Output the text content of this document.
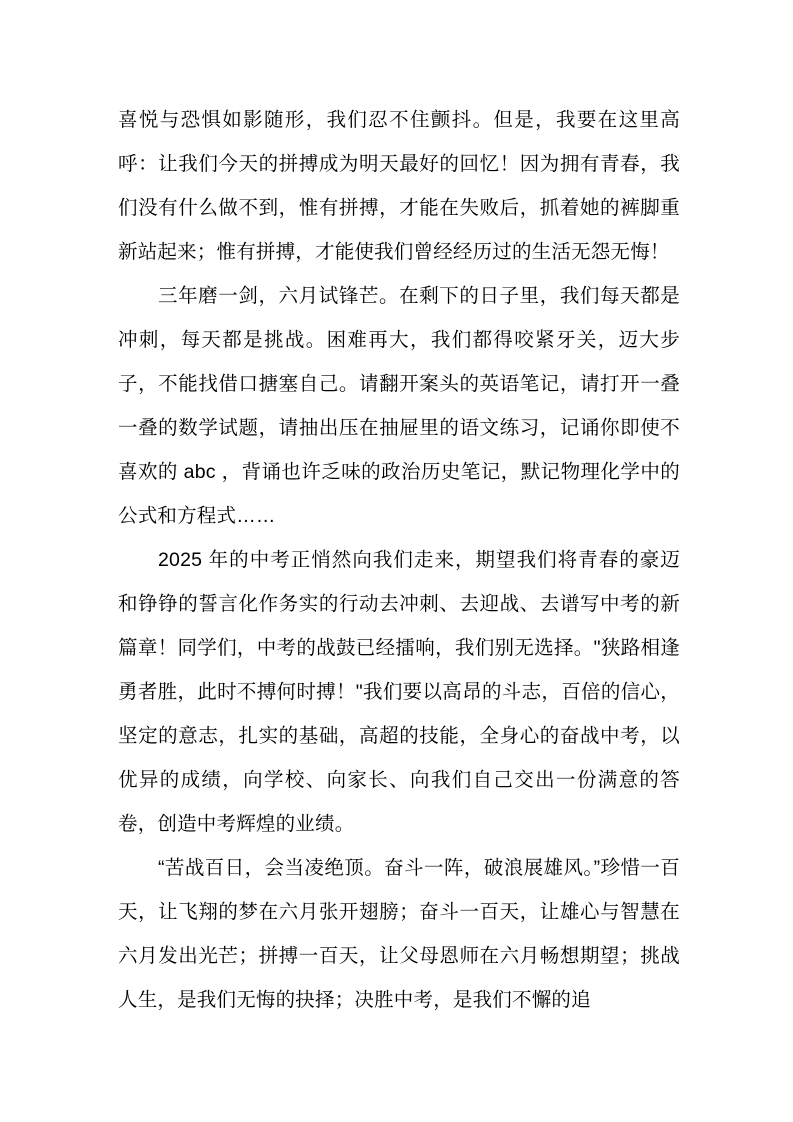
喜悦与恐惧如影随形，我们忍不住颤抖。但是，我要在这里高呼：让我们今天的拼搏成为明天最好的回忆！因为拥有青春，我们没有什么做不到，惟有拼搏，才能在失败后，抓着她的裤脚重新站起来；惟有拼搏，才能使我们曾经经历过的生活无怨无悔！

三年磨一剑，六月试锋芒。在剩下的日子里，我们每天都是冲刺，每天都是挑战。困难再大，我们都得咬紧牙关，迈大步子，不能找借口搪塞自己。请翻开案头的英语笔记，请打开一叠一叠的数学试题，请抽出压在抽屉里的语文练习，记诵你即使不喜欢的 abc ，背诵也许乏味的政治历史笔记，默记物理化学中的公式和方程式……

2025 年的中考正悄然向我们走来，期望我们将青春的豪迈和铮铮的誓言化作务实的行动去冲刺、去迎战、去谱写中考的新篇章！同学们，中考的战鼓已经擂响，我们别无选择。"狭路相逢勇者胜，此时不搏何时搏！"我们要以高昂的斗志，百倍的信心，坚定的意志，扎实的基础，高超的技能，全身心的奋战中考，以优异的成绩，向学校、向家长、向我们自己交出一份满意的答卷，创造中考辉煌的业绩。

“苦战百日，会当凌绝顶。奋斗一阵，破浪展雄风。”珍惜一百天，让飞翔的梦在六月张开翅膀；奋斗一百天，让雄心与智慧在六月发出光芒；拼搏一百天，让父母恩师在六月畅想期望；挑战人生，是我们无悔的抉择；决胜中考，是我们不懈的追
